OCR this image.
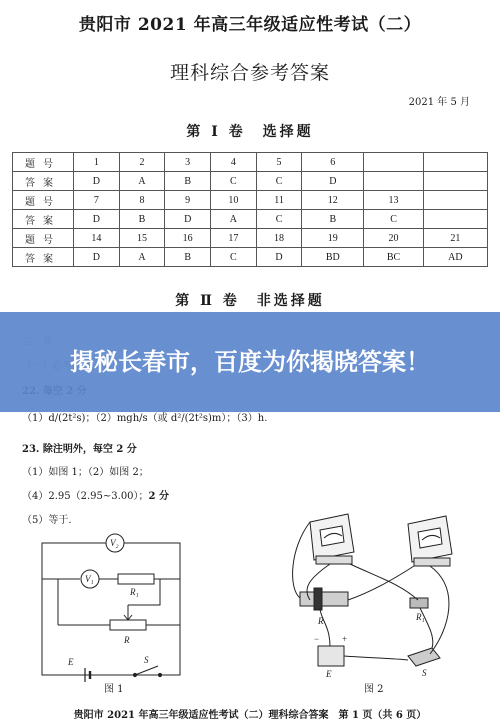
贵阳市 2021 年高三年级适应性考试（二）
理科综合参考答案
2021 年 5 月
第 Ⅰ 卷　选择题
题号	1	2	3	4	5	6		
答案	D	A	B	C	C	D		
题号	7	8	9	10	11	12	13	
答案	D	B	D	A	C	B	C	
题号	14	15	16	17	18	19	20	21
答案	D	A	B	C	D	BD	BC	AD
第 Ⅱ 卷　非选择题
（1）d/(2t²s)；（2）mgh/s（或 d²/(2t²s)m）；（3）h.
23. 除注明外，每空 2 分
（1）如图 1；（2）如图 2；
（4）2.95（2.95~3.00）；2 分
（5）等于.
V₂
V₁
R₁
R
E	S
图 1
R	R₁
E	S
+
−
图 2
贵阳市 2021 年高三年级适应性考试（二）理科综合答案　第 1 页（共 6 页）
揭秘长春市，百度为你揭晓答案！
